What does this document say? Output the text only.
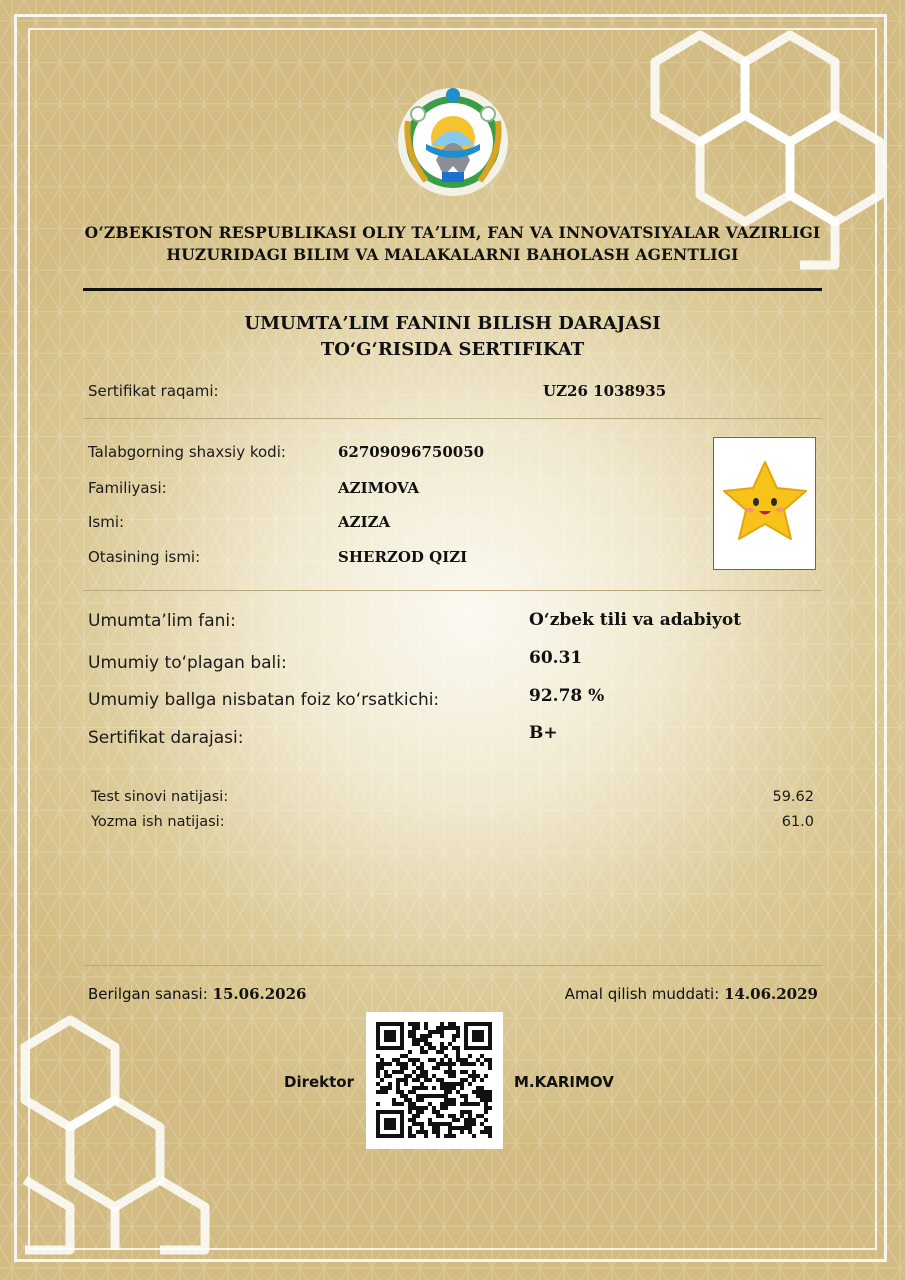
OʻZBEKISTON RESPUBLIKASI OLIY TAʼLIM, FAN VA INNOVATSIYALAR VAZIRLIGI
HUZURIDAGI BILIM VA MALAKALARNI BAHOLASH AGENTLIGI
UMUMTAʼLIM FANINI BILISH DARAJASI
TOʻGʻRISIDA SERTIFIKAT
Sertifikat raqami:	UZ26 1038935
Talabgorning shaxsiy kodi:	62709096750050
Familiyasi:	AZIMOVA
Ismi:	AZIZA
Otasining ismi:	SHERZOD QIZI
Umumtaʼlim fani:	Oʻzbek tili va adabiyot
Umumiy toʻplagan bali:	60.31
Umumiy ballga nisbatan foiz koʻrsatkichi:	92.78 %
Sertifikat darajasi:	B+
Test sinovi natijasi:	59.62
Yozma ish natijasi:	61.0
Berilgan sanasi: 15.06.2026	Amal qilish muddati: 14.06.2029
Direktor	M.KARIMOV
